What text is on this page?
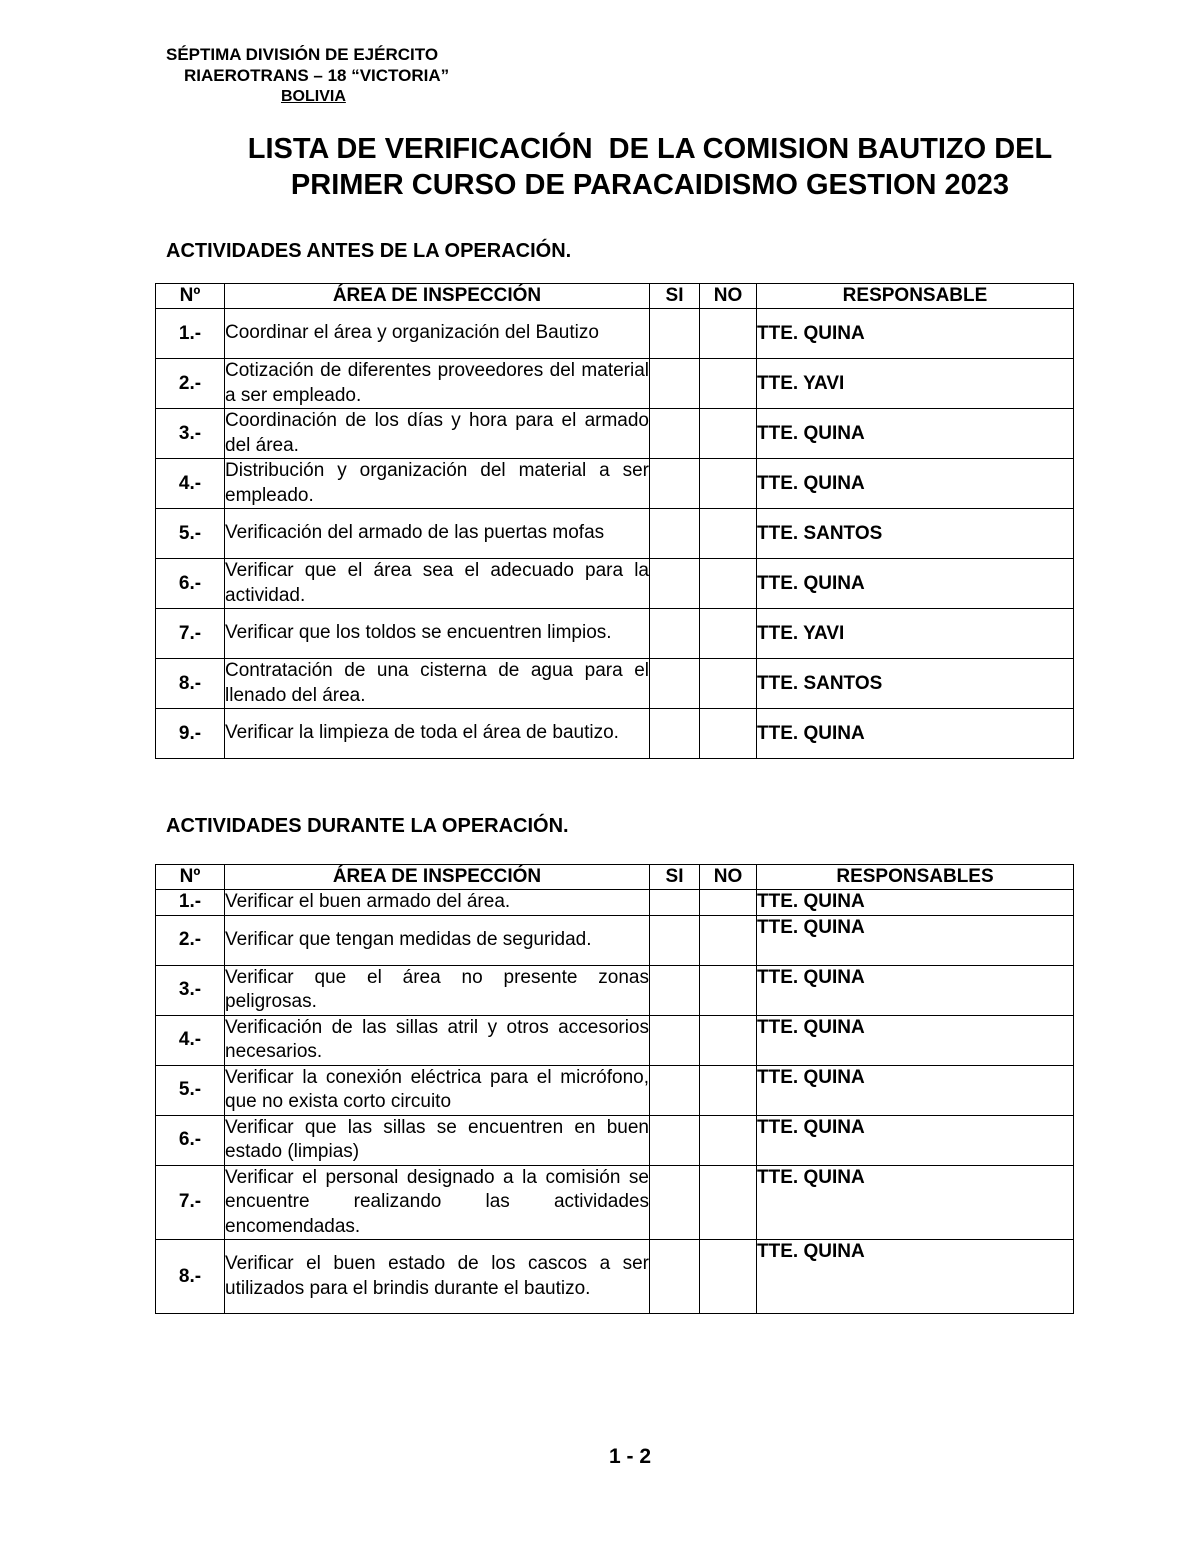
SÉPTIMA DIVISIÓN DE EJÉRCITO
RIAEROTRANS – 18 “VICTORIA”
BOLIVIA
LISTA DE VERIFICACIÓN  DE LA COMISION BAUTIZO DEL
PRIMER CURSO DE PARACAIDISMO GESTION 2023
ACTIVIDADES ANTES DE LA OPERACIÓN.
Nº	ÁREA DE INSPECCIÓN	SI	NO	RESPONSABLE
1.-	Coordinar el área y organización del Bautizo			TTE. QUINA
2.-	Cotización de diferentes proveedores del material a ser empleado.			TTE. YAVI
3.-	Coordinación de los días y hora para el armado del área.			TTE. QUINA
4.-	Distribución y organización del material a ser empleado.			TTE. QUINA
5.-	Verificación del armado de las puertas mofas			TTE. SANTOS
6.-	Verificar que el área sea el adecuado para la actividad.			TTE. QUINA
7.-	Verificar que los toldos se encuentren limpios.			TTE. YAVI
8.-	Contratación de una cisterna de agua para el llenado del área.			TTE. SANTOS
9.-	Verificar la limpieza de toda el área de bautizo.			TTE. QUINA
ACTIVIDADES DURANTE LA OPERACIÓN.
Nº	ÁREA DE INSPECCIÓN	SI	NO	RESPONSABLES
1.-	Verificar el buen armado del área.			TTE. QUINA
2.-	Verificar que tengan medidas de seguridad.			TTE. QUINA
3.-	Verificar que el área no presente zonas peligrosas.			TTE. QUINA
4.-	Verificación de las sillas atril y otros accesorios necesarios.			TTE. QUINA
5.-	Verificar la conexión eléctrica para el micrófono, que no exista corto circuito			TTE. QUINA
6.-	Verificar que las sillas se encuentren en buen estado (limpias)			TTE. QUINA
7.-	Verificar el personal designado a la comisión se encuentre realizando las actividades encomendadas.			TTE. QUINA
8.-	Verificar el buen estado de los cascos a ser utilizados para el brindis durante el bautizo.			TTE. QUINA
1 - 2
